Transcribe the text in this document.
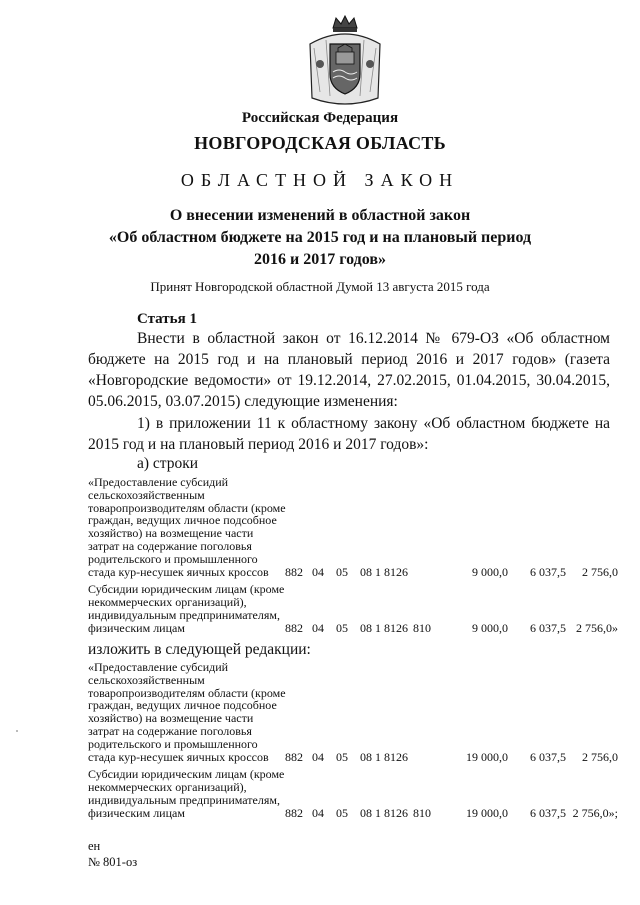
Российская Федерация
НОВГОРОДСКАЯ ОБЛАСТЬ
ОБЛАСТНОЙ ЗАКОН
О внесении изменений в областной закон
«Об областном бюджете на 2015 год и на плановый период
2016 и 2017 годов»
Принят Новгородской областной Думой 13 августа 2015 года
Статья 1
Внести в областной закон от 16.12.2014 № 679-ОЗ «Об областном бюджете на 2015 год и на плановый период 2016 и 2017 годов» (газета «Новгородские ведомости» от 19.12.2014, 27.02.2015, 01.04.2015, 30.04.2015, 05.06.2015, 03.07.2015) следующие изменения:
1) в приложении 11 к областному закону «Об областном бюджете на 2015 год и на плановый период 2016 и 2017 годов»:
а) строки
«Предоставление субсидий сельскохозяйственным товаропроизводителям области (кроме граждан, ведущих личное подсобное хозяйство) на возмещение части затрат на содержание поголовья родительского и промышленного стада кур-несушек яичных кроссов	882 04 05 08 1 8126	9 000,0 6 037,5 2 756,0
Субсидии юридическим лицам (кроме некоммерческих организаций), индивидуальным предпринимателям, физическим лицам	882 04 05 08 1 8126 810	9 000,0 6 037,5 2 756,0»
изложить в следующей редакции:
«Предоставление субсидий сельскохозяйственным товаропроизводителям области (кроме граждан, ведущих личное подсобное хозяйство) на возмещение части затрат на содержание поголовья родительского и промышленного стада кур-несушек яичных кроссов	882 04 05 08 1 8126	19 000,0 6 037,5 2 756,0
Субсидии юридическим лицам (кроме некоммерческих организаций), индивидуальным предпринимателям, физическим лицам	882 04 05 08 1 8126 810	19 000,0 6 037,5 2 756,0»;
ен
№ 801-оз
